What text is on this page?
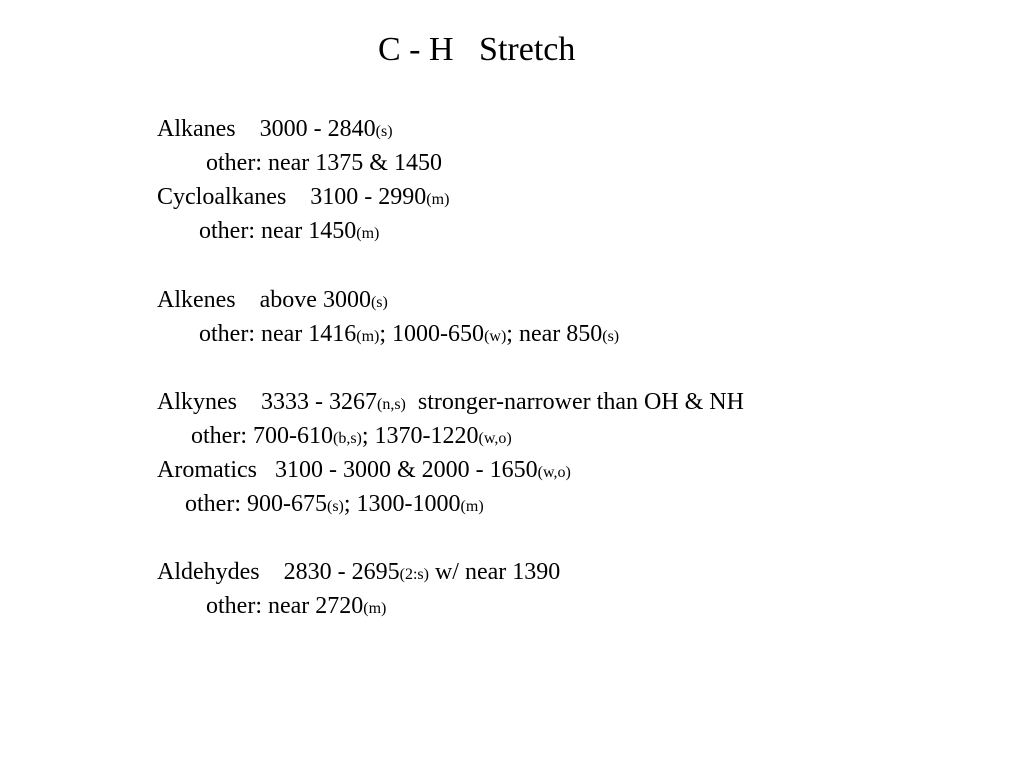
C - H   Stretch
Alkanes    3000 - 2840(s)
other: near 1375 & 1450
Cycloalkanes    3100 - 2990(m)
other: near 1450(m)
Alkenes    above 3000(s)
other: near 1416(m); 1000-650(w); near 850(s)
Alkynes    3333 - 3267(n,s)  stronger-narrower than OH & NH
other: 700-610(b,s); 1370-1220(w,o)
Aromatics   3100 - 3000 & 2000 - 1650(w,o)
other: 900-675(s); 1300-1000(m)
Aldehydes    2830 - 2695(2:s) w/ near 1390
other: near 2720(m)
